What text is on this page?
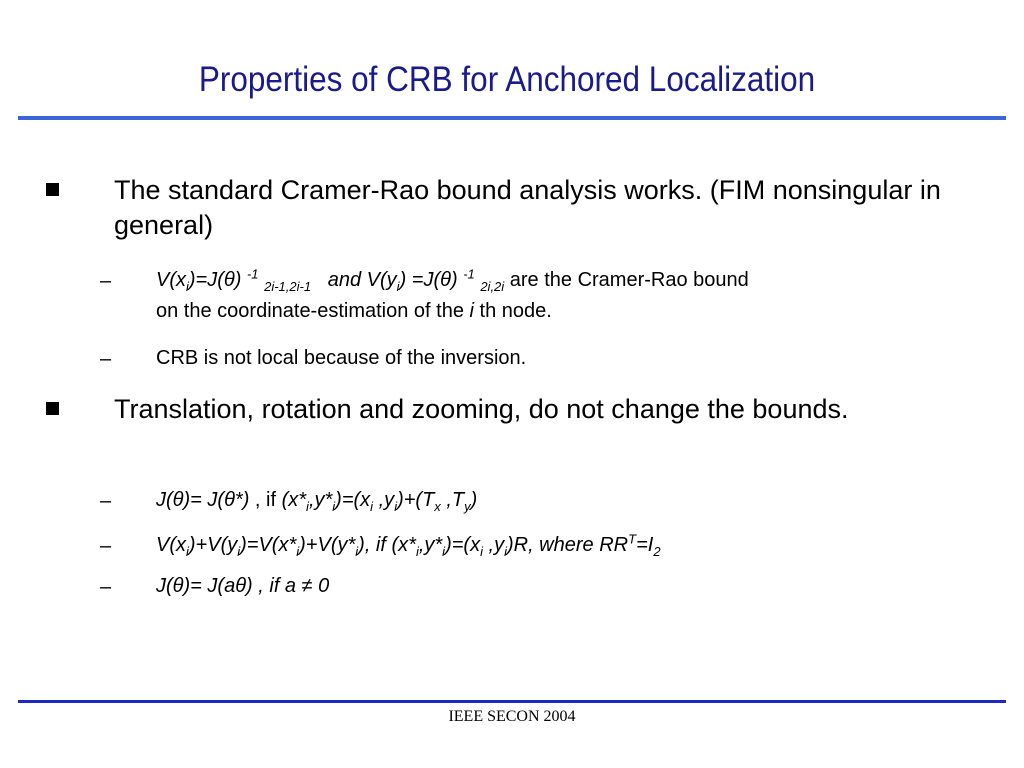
Properties of CRB for Anchored Localization
The standard Cramer-Rao bound analysis works. (FIM nonsingular in general)
– $V(x_i)=J(\theta)$ $^{-1}$ $_{2i-1,2i-1}$ and $V(y_i) =J(\theta)$ $^{-1}$ $_{2i,2i}$ are the Cramer-Rao bound
on the coordinate-estimation of the i th node.
– CRB is not local because of the inversion.
Translation, rotation and zooming, do not change the bounds.
– J(θ)= J(θ*) , if $(x*_i,y*_i)=(x_i$ $,y_i)+(T_x$ $,T_y$)
– $V(x_i)+V(y_i)=V(x*_i)+V(y*_i)$, if $(x*_i,y*_i)=(x_i$ $,y_i)R$, where $RR^T=I_2$
– J(θ)= J(aθ) , if a ≠ 0
IEEE SECON 2004
